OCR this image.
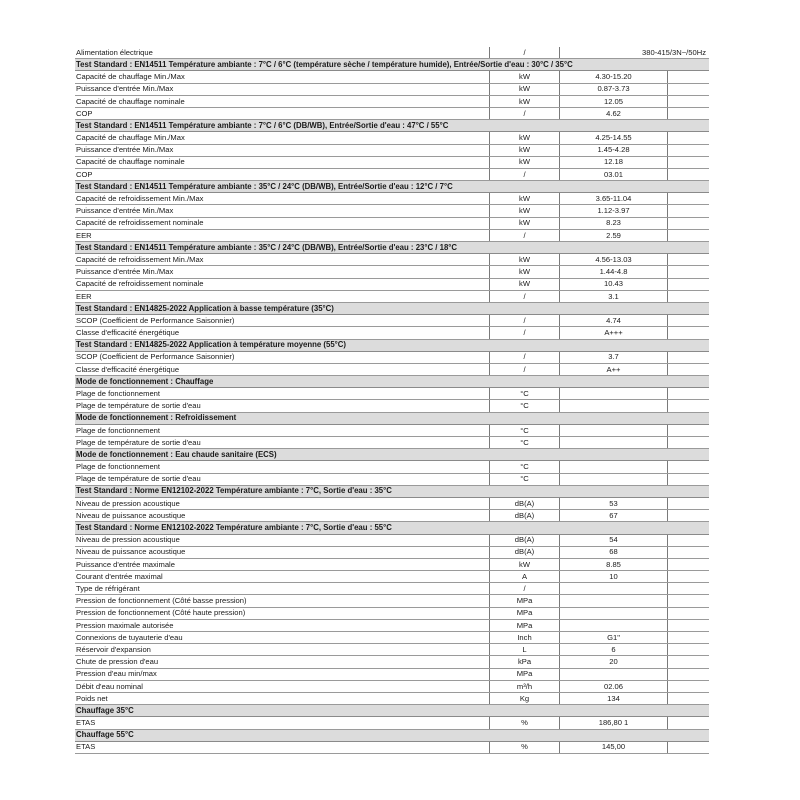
Alimentation électrique	/	380-415/3N~/50Hz	
Test Standard : EN14511 Température ambiante : 7°C / 6°C (température sèche / température humide), Entrée/Sortie d'eau : 30°C / 35°C			
Capacité de chauffage Min./Max	kW	4.30-15.20	
Puissance d'entrée Min./Max	kW	0.87-3.73	
Capacité de chauffage nominale	kW	12.05	
COP	/	4.62	
Test Standard : EN14511 Température ambiante : 7°C / 6°C (DB/WB), Entrée/Sortie d'eau : 47°C / 55°C			
Capacité de chauffage Min./Max	kW	4.25-14.55	
Puissance d'entrée Min./Max	kW	1.45-4.28	
Capacité de chauffage nominale	kW	12.18	
COP	/	03.01	
Test Standard : EN14511 Température ambiante : 35°C / 24°C (DB/WB), Entrée/Sortie d'eau : 12°C / 7°C			
Capacité de refroidissement Min./Max	kW	3.65-11.04	
Puissance d'entrée Min./Max	kW	1.12-3.97	
Capacité de refroidissement nominale	kW	8.23	
EER	/	2.59	
Test Standard : EN14511 Température ambiante : 35°C / 24°C (DB/WB), Entrée/Sortie d'eau : 23°C / 18°C			
Capacité de refroidissement Min./Max	kW	4.56-13.03	
Puissance d'entrée Min./Max	kW	1.44-4.8	
Capacité de refroidissement nominale	kW	10.43	
EER	/	3.1	
Test Standard : EN14825-2022 Application à basse température (35°C)			
SCOP (Coefficient de Performance Saisonnier)	/	4.74	
Classe d'efficacité énergétique	/	A+++	
Test Standard : EN14825-2022 Application à température moyenne (55°C)			
SCOP (Coefficient de Performance Saisonnier)	/	3.7	
Classe d'efficacité énergétique	/	A++	
Mode de fonctionnement : Chauffage			
Plage de fonctionnement	°C		
Plage de température de sortie d'eau	°C		
Mode de fonctionnement : Refroidissement			
Plage de fonctionnement	°C		
Plage de température de sortie d'eau	°C		
Mode de fonctionnement : Eau chaude sanitaire (ECS)			
Plage de fonctionnement	°C		
Plage de température de sortie d'eau	°C		
Test Standard : Norme EN12102-2022 Température ambiante : 7°C, Sortie d'eau : 35°C			
Niveau de pression acoustique	dB(A)	53	
Niveau de puissance acoustique	dB(A)	67	
Test Standard : Norme EN12102-2022 Température ambiante : 7°C, Sortie d'eau : 55°C			
Niveau de pression acoustique	dB(A)	54	
Niveau de puissance acoustique	dB(A)	68	
Puissance d'entrée maximale	kW	8.85	
Courant d'entrée maximal	A	10	
Type de réfrigérant	/		
Pression de fonctionnement (Côté basse pression)	MPa		
Pression de fonctionnement (Côté haute pression)	MPa		
Pression maximale autorisée	MPa		
Connexions de tuyauterie d'eau	Inch	G1"	
Réservoir d'expansion	L	6	
Chute de pression d'eau	kPa	20	
Pression d'eau min/max	MPa		
Débit d'eau nominal	m³/h	02.06	
Poids net	Kg	134	
Chauffage 35°C			
ETAS	%	186,80 1	
Chauffage 55°C			
ETAS	%	145,00	
